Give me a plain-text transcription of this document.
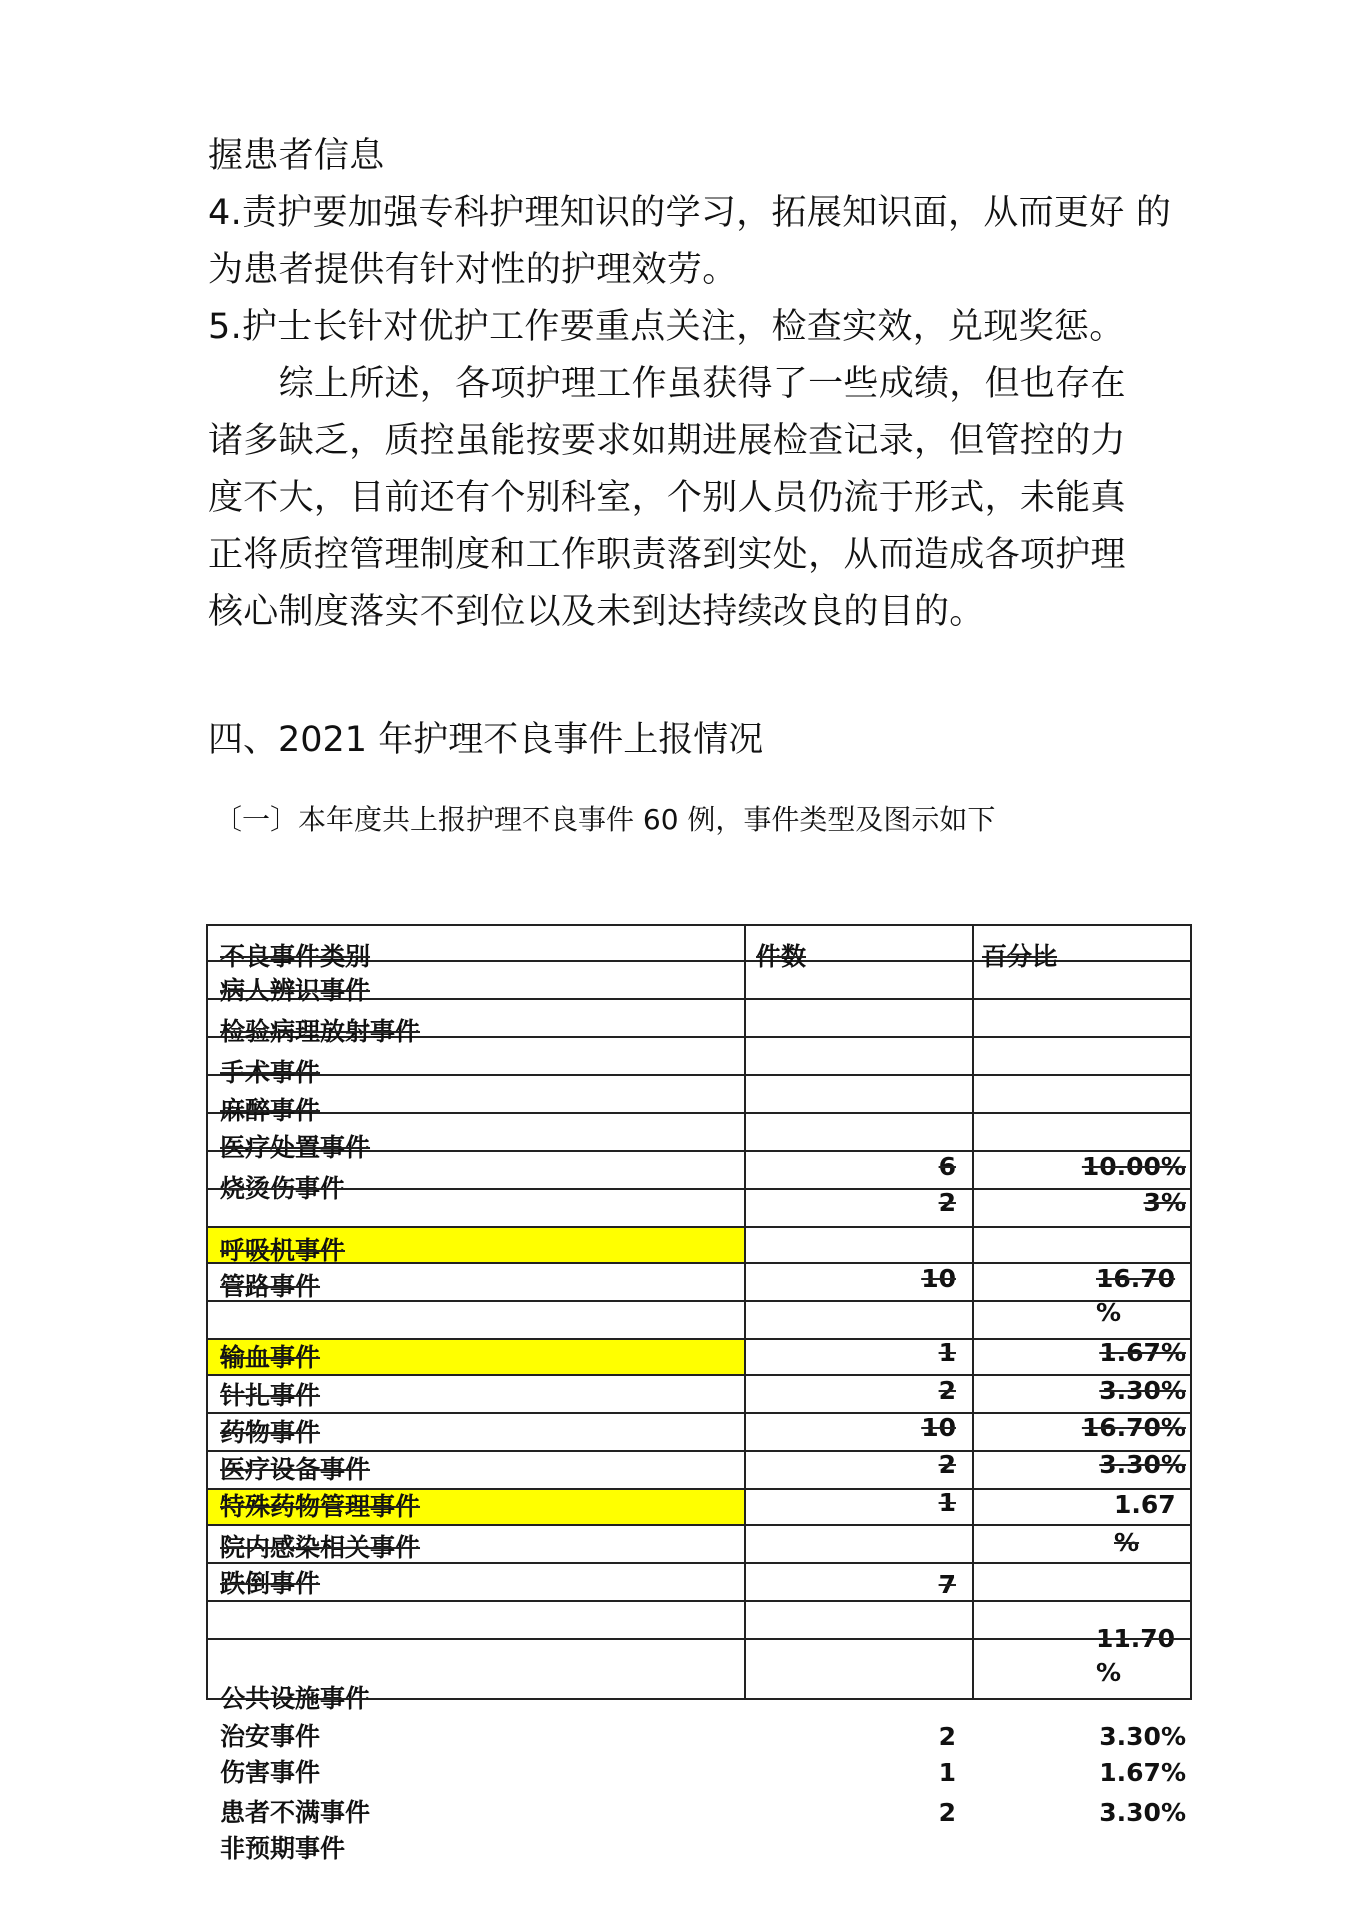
握患者信息
4.责护要加强专科护理知识的学习，拓展知识面，从而更好 的
为患者提供有针对性的护理效劳。
5.护士长针对优护工作要重点关注，检查实效，兑现奖惩。
　　综上所述，各项护理工作虽获得了一些成绩，但也存在
诸多缺乏，质控虽能按要求如期进展检查记录，但管控的力
度不大，目前还有个别科室，个别人员仍流于形式，未能真
正将质控管理制度和工作职责落到实处，从而造成各项护理
核心制度落实不到位以及未到达持续改良的目的。
四、2021 年护理不良事件上报情况
〔一〕本年度共上报护理不良事件 60 例，事件类型及图示如下
不良事件类别	件数	百分比
病人辨识事件
检验病理放射事件
手术事件
麻醉事件
医疗处置事件
烧烫伤事件
呼吸机事件
管路事件
输血事件
针扎事件
药物事件
医疗设备事件
特殊药物管理事件
院内感染相关事件
跌倒事件
公共设施事件
治安事件
伤害事件
患者不满事件
非预期事件
6
2
10
1
2
10
2
1
7
2
1
2
10.00%
3%
16.70
%
1.67%
3.30%
16.70%
3.30%
1.67
%
11.70
%
3.30%
1.67%
3.30%
